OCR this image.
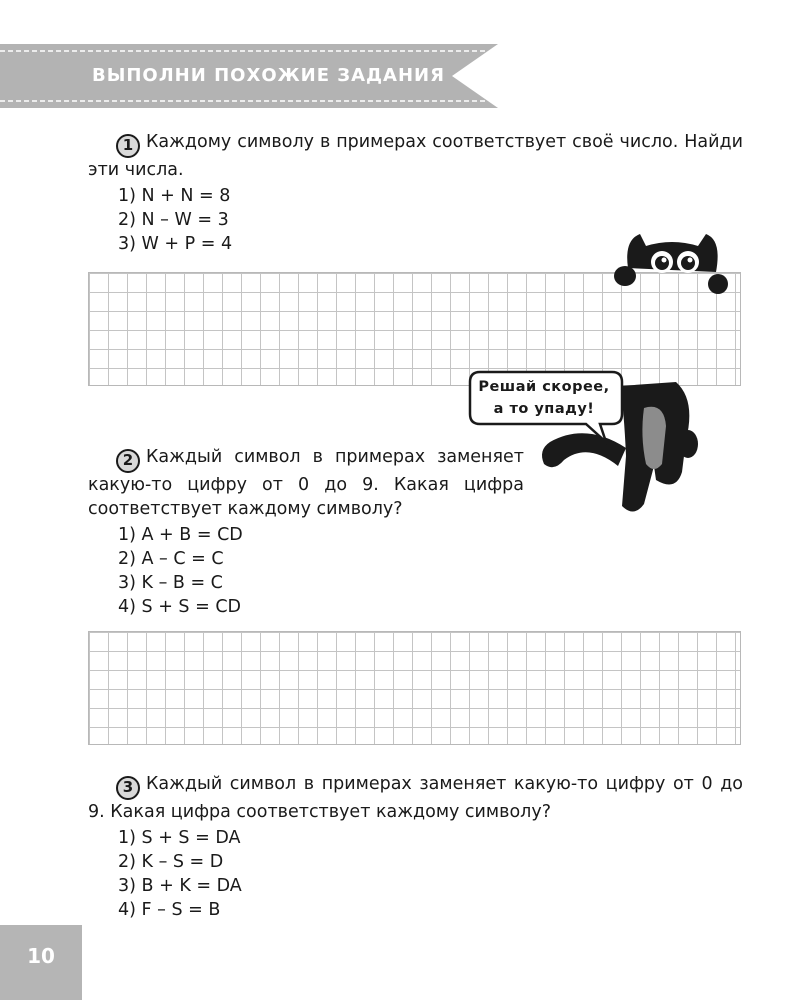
ВЫПОЛНИ ПОХОЖИЕ ЗАДАНИЯ

1 Каждому символу в примерах соответствует своё число. Найди эти числа.

1) N + N = 8
2) N – W = 3
3) W + P = 4
Решай скорее,
а то упаду!

2 Каждый символ в примерах заменяет какую-то цифру от 0 до 9. Какая цифра соответствует каждому символу?

1) A + B = CD
2) A – C = C
3) K – B = C
4) S + S = CD

3 Каждый символ в примерах заменяет какую-то цифру от 0 до 9. Какая цифра соответствует каждому символу?

1) S + S = DA
2) K – S = D
3) B + K = DA
4) F – S = B
10
